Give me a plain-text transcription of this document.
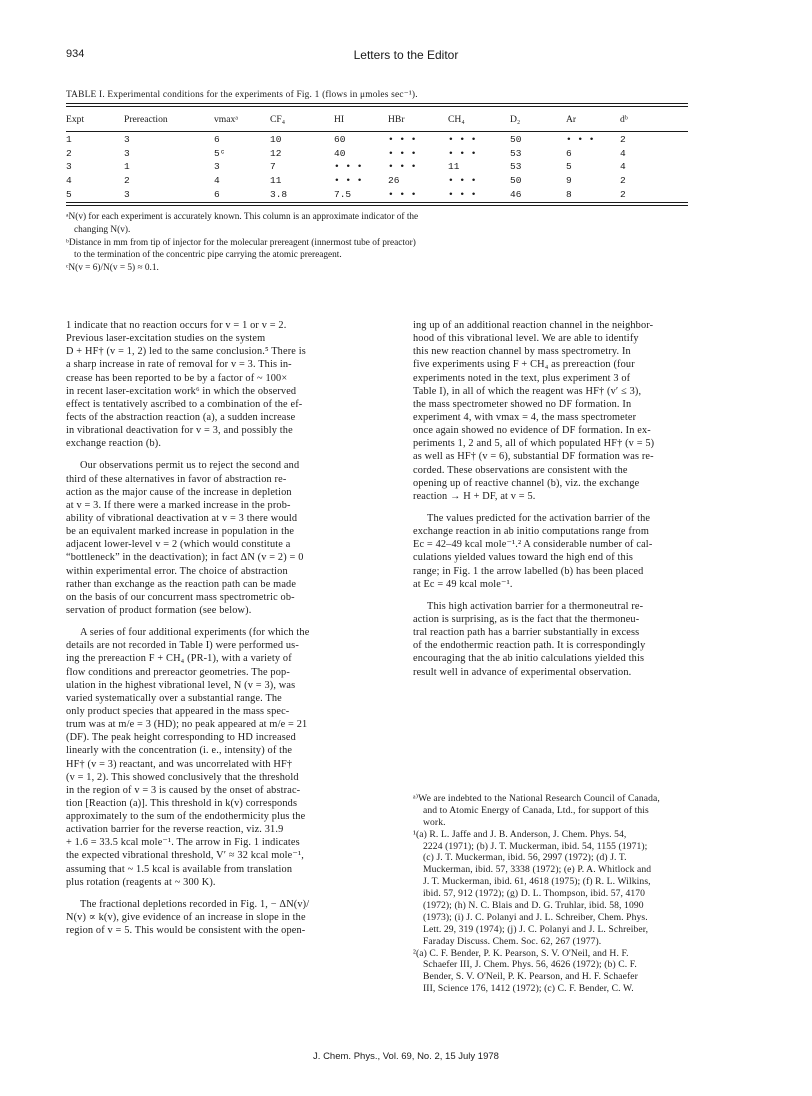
934	Letters to the Editor
TABLE I. Experimental conditions for the experiments of Fig. 1 (flows in μmoles sec⁻¹).
Expt	Prereaction	vmaxᵃ	CF₄	HI	HBr	CH₄	D₂	Ar	dᵇ
1	3	6	10	60	• • •	• • •	50	• • •	2
2	3	5ᶜ	12	40	• • •	• • •	53	6	4
3	1	3	7	• • •	• • •	11	53	5	4
4	2	4	11	• • •	26	• • •	50	9	2
5	3	6	3.8	7.5	• • •	• • •	46	8	2
ᵃN(v) for each experiment is accurately known. This column is an approximate indicator of the
changing N(v).
ᵇDistance in mm from tip of injector for the molecular prereagent (innermost tube of preactor)
to the termination of the concentric pipe carrying the atomic prereagent.
ᶜN(v = 6)/N(v = 5) ≈ 0.1.
1 indicate that no reaction occurs for v = 1 or v = 2.
Previous laser-excitation studies on the system
D + HF† (v = 1, 2) led to the same conclusion.⁵ There is
a sharp increase in rate of removal for v = 3. This in-
crease has been reported to be by a factor of ~ 100×
in recent laser-excitation work⁶ in which the observed
effect is tentatively ascribed to a combination of the ef-
fects of the abstraction reaction (a), a sudden increase
in vibrational deactivation for v = 3, and possibly the
exchange reaction (b).
Our observations permit us to reject the second and
third of these alternatives in favor of abstraction re-
action as the major cause of the increase in depletion
at v = 3. If there were a marked increase in the prob-
ability of vibrational deactivation at v = 3 there would
be an equivalent marked increase in population in the
adjacent lower-level v = 2 (which would constitute a
“bottleneck” in the deactivation); in fact ΔN (v = 2) = 0
within experimental error. The choice of abstraction
rather than exchange as the reaction path can be made
on the basis of our concurrent mass spectrometric ob-
servation of product formation (see below).
A series of four additional experiments (for which the
details are not recorded in Table I) were performed us-
ing the prereaction F + CH₄ (PR-1), with a variety of
flow conditions and prereactor geometries. The pop-
ulation in the highest vibrational level, N (v = 3), was
varied systematically over a substantial range. The
only product species that appeared in the mass spec-
trum was at m/e = 3 (HD); no peak appeared at m/e = 21
(DF). The peak height corresponding to HD increased
linearly with the concentration (i. e., intensity) of the
HF† (v = 3) reactant, and was uncorrelated with HF†
(v = 1, 2). This showed conclusively that the threshold
in the region of v = 3 is caused by the onset of abstrac-
tion [Reaction (a)]. This threshold in k(v) corresponds
approximately to the sum of the endothermicity plus the
activation barrier for the reverse reaction, viz. 31.9
+ 1.6 = 33.5 kcal mole⁻¹. The arrow in Fig. 1 indicates
the expected vibrational threshold, V′ ≈ 32 kcal mole⁻¹,
assuming that ~ 1.5 kcal is available from translation
plus rotation (reagents at ~ 300 K).
The fractional depletions recorded in Fig. 1, − ΔN(v)/
N(v) ∝ k(v), give evidence of an increase in slope in the
region of v = 5. This would be consistent with the open-
ing up of an additional reaction channel in the neighbor-
hood of this vibrational level. We are able to identify
this new reaction channel by mass spectrometry. In
five experiments using F + CH₄ as prereaction (four
experiments noted in the text, plus experiment 3 of
Table I), in all of which the reagent was HF† (v′ ≤ 3),
the mass spectrometer showed no DF formation. In
experiment 4, with vmax = 4, the mass spectrometer
once again showed no evidence of DF formation. In ex-
periments 1, 2 and 5, all of which populated HF† (v = 5)
as well as HF† (v = 6), substantial DF formation was re-
corded. These observations are consistent with the
opening up of reactive channel (b), viz. the exchange
reaction → H + DF, at v = 5.
The values predicted for the activation barrier of the
exchange reaction in ab initio computations range from
Ec = 42–49 kcal mole⁻¹.² A considerable number of cal-
culations yielded values toward the high end of this
range; in Fig. 1 the arrow labelled (b) has been placed
at Ec = 49 kcal mole⁻¹.
This high activation barrier for a thermoneutral re-
action is surprising, as is the fact that the thermoneu-
tral reaction path has a barrier substantially in excess
of the endothermic reaction path. It is correspondingly
encouraging that the ab initio calculations yielded this
result well in advance of experimental observation.
ᵃ⁾We are indebted to the National Research Council of Canada,
and to Atomic Energy of Canada, Ltd., for support of this
work.
¹(a) R. L. Jaffe and J. B. Anderson, J. Chem. Phys. 54,
2224 (1971); (b) J. T. Muckerman, ibid. 54, 1155 (1971);
(c) J. T. Muckerman, ibid. 56, 2997 (1972); (d) J. T.
Muckerman, ibid. 57, 3338 (1972); (e) P. A. Whitlock and
J. T. Muckerman, ibid. 61, 4618 (1975); (f) R. L. Wilkins,
ibid. 57, 912 (1972); (g) D. L. Thompson, ibid. 57, 4170
(1972); (h) N. C. Blais and D. G. Truhlar, ibid. 58, 1090
(1973); (i) J. C. Polanyi and J. L. Schreiber, Chem. Phys.
Lett. 29, 319 (1974); (j) J. C. Polanyi and J. L. Schreiber,
Faraday Discuss. Chem. Soc. 62, 267 (1977).
²(a) C. F. Bender, P. K. Pearson, S. V. O'Neil, and H. F.
Schaefer III, J. Chem. Phys. 56, 4626 (1972); (b) C. F.
Bender, S. V. O'Neil, P. K. Pearson, and H. F. Schaefer
III, Science 176, 1412 (1972); (c) C. F. Bender, C. W.
J. Chem. Phys., Vol. 69, No. 2, 15 July 1978
